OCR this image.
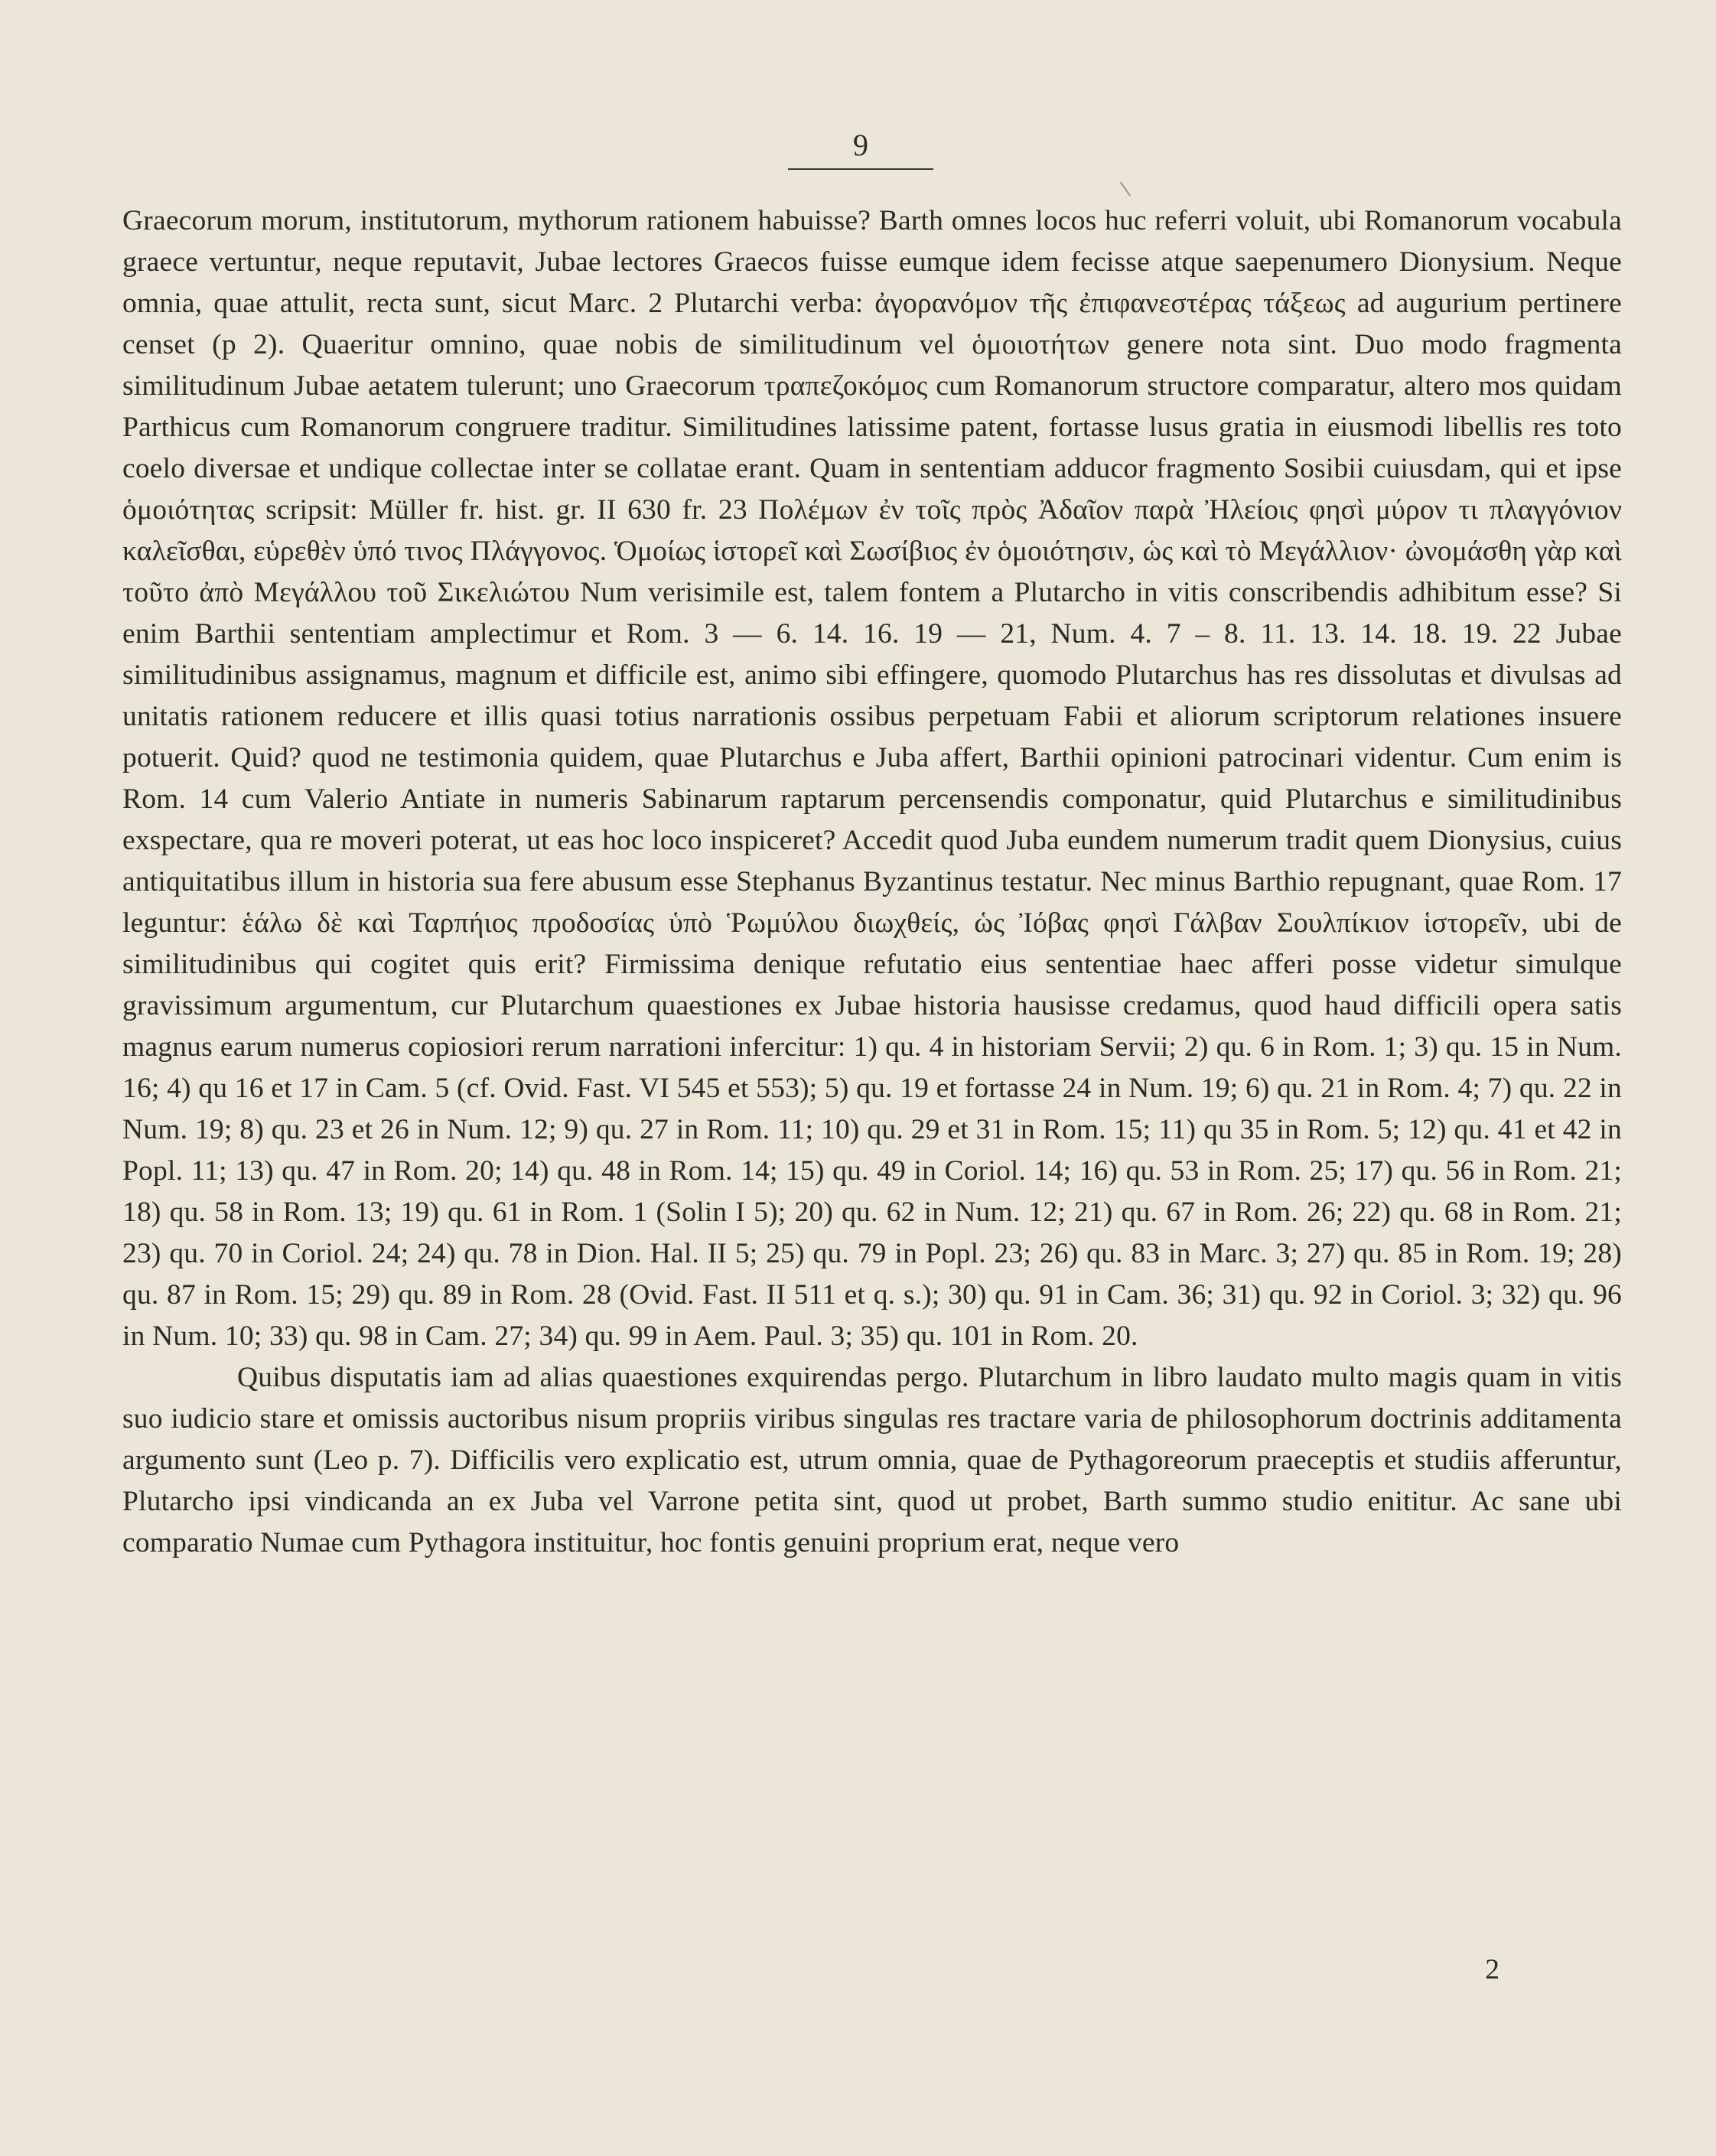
9

Graecorum morum, institutorum, mythorum rationem habuisse? Barth omnes locos huc referri voluit, ubi Romanorum vocabula graece vertuntur, neque reputavit, Jubae lectores Graecos fuisse eumque idem fecisse atque saepenumero Dionysium. Neque omnia, quae attulit, recta sunt, sicut Marc. 2 Plutarchi verba: ἀγορανόμον τῆς ἐπιφανεστέρας τάξεως ad augurium pertinere censet (p 2). Quaeritur omnino, quae nobis de similitudinum vel ὁμοιοτήτων genere nota sint. Duo modo fragmenta similitudinum Jubae aetatem tulerunt; uno Graecorum τραπεζοκόμος cum Romanorum structore comparatur, altero mos quidam Parthicus cum Romanorum congruere traditur. Similitudines latissime patent, fortasse lusus gratia in eiusmodi libellis res toto coelo diversae et undique collectae inter se collatae erant. Quam in sententiam adducor fragmento Sosibii cuiusdam, qui et ipse ὁμοιότητας scripsit: Müller fr. hist. gr. II 630 fr. 23 Πολέμων ἐν τοῖς πρὸς Ἀδαῖον παρὰ Ἠλείοις φησὶ μύρον τι πλαγγόνιον καλεῖσθαι, εὑρεθὲν ὑπό τινος Πλάγγονος. Ὁμοίως ἱστορεῖ καὶ Σωσίβιος ἐν ὁμοιότησιν, ὡς καὶ τὸ Μεγάλλιον· ὠνομάσθη γὰρ καὶ τοῦτο ἀπὸ Μεγάλλου τοῦ Σικελιώτου Num verisimile est, talem fontem a Plutarcho in vitis conscribendis adhibitum esse? Si enim Barthii sententiam amplectimur et Rom. 3 — 6. 14. 16. 19 — 21, Num. 4. 7 – 8. 11. 13. 14. 18. 19. 22 Jubae similitudinibus assignamus, magnum et difficile est, animo sibi effingere, quomodo Plutarchus has res dissolutas et divulsas ad unitatis rationem reducere et illis quasi totius narrationis ossibus perpetuam Fabii et aliorum scriptorum relationes insuere potuerit. Quid? quod ne testimonia quidem, quae Plutarchus e Juba affert, Barthii opinioni patrocinari videntur. Cum enim is Rom. 14 cum Valerio Antiate in numeris Sabinarum raptarum percensendis componatur, quid Plutarchus e similitudinibus exspectare, qua re moveri poterat, ut eas hoc loco inspiceret? Accedit quod Juba eundem numerum tradit quem Dionysius, cuius antiquitatibus illum in historia sua fere abusum esse Stephanus Byzantinus testatur. Nec minus Barthio repugnant, quae Rom. 17 leguntur: ἑάλω δὲ καὶ Ταρπήιος προδοσίας ὑπὸ Ῥωμύλου διωχθείς, ὡς Ἰόβας φησὶ Γάλβαν Σουλπίκιον ἱστορεῖν, ubi de similitudinibus qui cogitet quis erit? Firmissima denique refutatio eius sententiae haec afferi posse videtur simulque gravissimum argumentum, cur Plutarchum quaestiones ex Jubae historia hausisse credamus, quod haud difficili opera satis magnus earum numerus copiosiori rerum narrationi infercitur: 1) qu. 4 in historiam Servii; 2) qu. 6 in Rom. 1; 3) qu. 15 in Num. 16; 4) qu 16 et 17 in Cam. 5 (cf. Ovid. Fast. VI 545 et 553); 5) qu. 19 et fortasse 24 in Num. 19; 6) qu. 21 in Rom. 4; 7) qu. 22 in Num. 19; 8) qu. 23 et 26 in Num. 12; 9) qu. 27 in Rom. 11; 10) qu. 29 et 31 in Rom. 15; 11) qu 35 in Rom. 5; 12) qu. 41 et 42 in Popl. 11; 13) qu. 47 in Rom. 20; 14) qu. 48 in Rom. 14; 15) qu. 49 in Coriol. 14; 16) qu. 53 in Rom. 25; 17) qu. 56 in Rom. 21; 18) qu. 58 in Rom. 13; 19) qu. 61 in Rom. 1 (Solin I 5); 20) qu. 62 in Num. 12; 21) qu. 67 in Rom. 26; 22) qu. 68 in Rom. 21; 23) qu. 70 in Coriol. 24; 24) qu. 78 in Dion. Hal. II 5; 25) qu. 79 in Popl. 23; 26) qu. 83 in Marc. 3; 27) qu. 85 in Rom. 19; 28) qu. 87 in Rom. 15; 29) qu. 89 in Rom. 28 (Ovid. Fast. II 511 et q. s.); 30) qu. 91 in Cam. 36; 31) qu. 92 in Coriol. 3; 32) qu. 96 in Num. 10; 33) qu. 98 in Cam. 27; 34) qu. 99 in Aem. Paul. 3; 35) qu. 101 in Rom. 20.

Quibus disputatis iam ad alias quaestiones exquirendas pergo. Plutarchum in libro laudato multo magis quam in vitis suo iudicio stare et omissis auctoribus nisum propriis viribus singulas res tractare varia de philosophorum doctrinis additamenta argumento sunt (Leo p. 7). Difficilis vero explicatio est, utrum omnia, quae de Pythagoreorum praeceptis et studiis afferuntur, Plutarcho ipsi vindicanda an ex Juba vel Varrone petita sint, quod ut probet, Barth summo studio enititur. Ac sane ubi comparatio Numae cum Pythagora instituitur, hoc fontis genuini proprium erat, neque vero

2
